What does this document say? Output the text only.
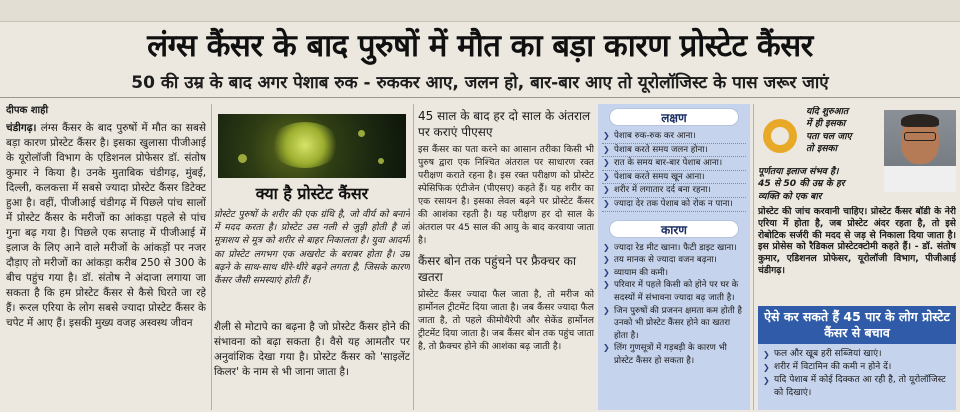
लंग्स कैंसर के बाद पुरुषों में मौत का बड़ा कारण प्रोस्टेट कैंसर
50 की उम्र के बाद अगर पेशाब रुक - रुककर आए, जलन हो, बार-बार आए तो यूरोलॉजिस्ट के पास जरूर जाएं
दीपक शाही
चंडीगढ़। लंग्स कैंसर के बाद पुरुषों में मौत का सबसे बड़ा कारण प्रोस्टेट कैंसर है। इसका खुलासा पीजीआई के यूरोलॉजी विभाग के एडिशनल प्रोफेसर डॉ. संतोष कुमार ने किया है। उनके मुताबिक चंडीगढ़, मुंबई, दिल्ली, कलकत्ता में सबसे ज्यादा प्रोस्टेट कैंसर डिटेक्ट हुआ है। वहीं, पीजीआई चंडीगढ़ में पिछले पांच सालों में प्रोस्टेट कैंसर के मरीजों का आंकड़ा पहले से पांच गुना बढ़ गया है। पिछले एक सप्ताह में पीजीआई में इलाज के लिए आने वाले मरीजों के आंकड़ों पर नजर दौड़ाए तो मरीजों का आंकड़ा करीब 250 से 300 के बीच पहुंच गया है। डॉ. संतोष ने अंदाजा लगाया जा सकता है कि हम प्रोस्टेट कैंसर से कैसे घिरते जा रहे हैं। रूरल एरिया के लोग सबसे ज्यादा प्रोस्टेट कैंसर के चपेट में आए हैं। इसकी मुख्य वजह अस्वस्थ जीवन
क्या है प्रोस्टेट कैंसर
प्रोस्टेट पुरुषों के शरीर की एक ग्रंथि है, जो वीर्य को बनाने में मदद करता है। प्रोस्टेट उस नली से जुड़ी होती है जो मूत्राशय से मूत्र को शरीर से बाहर निकालता है। युवा आदमी का प्रोस्टेट लगभग एक अखरोट के बराबर होता है। उम्र बढ़ने के साथ-साथ धीरे-धीरे बढ़ने लगता है, जिसके कारण कैंसर जैसी समस्याएं होती हैं।
शैली से मोटापे का बढ़ना है जो प्रोस्टेट कैंसर होने की संभावना को बढ़ा सकता है। वैसे यह आमतौर पर अनुवांशिक देखा गया है। प्रोस्टेट कैंसर को 'साइलेंट किलर' के नाम से भी जाना जाता है।
45 साल के बाद हर दो साल के अंतराल पर कराएं पीएसए
इस कैंसर का पता करने का आसान तरीका किसी भी पुरुष द्वारा एक निश्चित अंतराल पर साधारण रक्त परीक्षण कराते रहना है। इस रक्त परीक्षण को प्रोस्टेट स्पेसिफिक एंटीजेन (पीएसए) कहते हैं। यह शरीर का एक रसायन है। इसका लेवल बढ़ने पर प्रोस्टेट कैंसर की आशंका रहती है। यह परीक्षण हर दो साल के अंतराल पर 45 साल की आयु के बाद करवाया जाता है।
कैंसर बोन तक पहुंचने पर फ्रैक्चर का खतरा
प्रोस्टेट कैंसर ज्यादा फैल जाता है, तो मरीज को हार्मोनल ट्रीटमेंट दिया जाता है। जब कैंसर ज्यादा फैल जाता है, तो पहले कीमोथैरेपी और सेकेंड हार्मोनल ट्रीटमेंट दिया जाता है। जब कैंसर बोन तक पहुंच जाता है, तो फ्रैक्चर होने की आशंका बढ़ जाती है।
लक्षण
❯ पेशाब रुक-रुक कर आना।
❯ पेशाब करते समय जलन होना।
❯ रात के समय बार-बार पेशाब आना।
❯ पेशाब करते समय खून आना।
❯ शरीर में लगातार दर्द बना रहना।
❯ ज्यादा देर तक पेशाब को रोक न पाना।
कारण
❯ ज्यादा रेड मीट खाना। फैटी डाइट खाना।
❯ तय मानक से ज्यादा वजन बढ़ना।
❯ व्यायाम की कमी।
❯ परिवार में पहले किसी को होने पर घर के सदस्यों में संभावना ज्यादा बढ़ जाती है।
❯ जिन पुरुषों की प्रजनन क्षमता कम होती है उनको भी प्रोस्टेट कैंसर होने का खतरा होता है।
❯ लिंग गुणसूत्रों में गड़बड़ी के कारण भी प्रोस्टेट कैंसर हो सकता है।
यदि शुरुआत
में ही इसका
पता चल जाए
तो इसका
पूर्णतया इलाज संभव है।
45 से 50 की उम्र के हर
व्यक्ति को एक बार
प्रोस्टेट की जांच करवानी चाहिए। प्रोस्टेट कैंसर बॉडी के नेरी एरिया में होता है, जब प्रोस्टेट अंदर रहता है, तो इसे रोबोटिक सर्जरी की मदद से जड़ से निकाला दिया जाता है। इस प्रोसेस को रैडिकल प्रोस्टेटक्टोमी कहते हैं। - डॉ. संतोष कुमार, एडिशनल प्रोफेसर, यूरोलॉजी विभाग, पीजीआई चंडीगढ़।
ऐसे कर सकते हैं 45 पार के लोग प्रोस्टेट कैंसर से बचाव
❯ फल और खूब हरी सब्जियां खाएं।
❯ शरीर में विटामिन की कमी न होने दें।
❯ यदि पेशाब में कोई दिक्कत आ रही है, तो यूरोलॉजिस्ट को दिखाएं।
